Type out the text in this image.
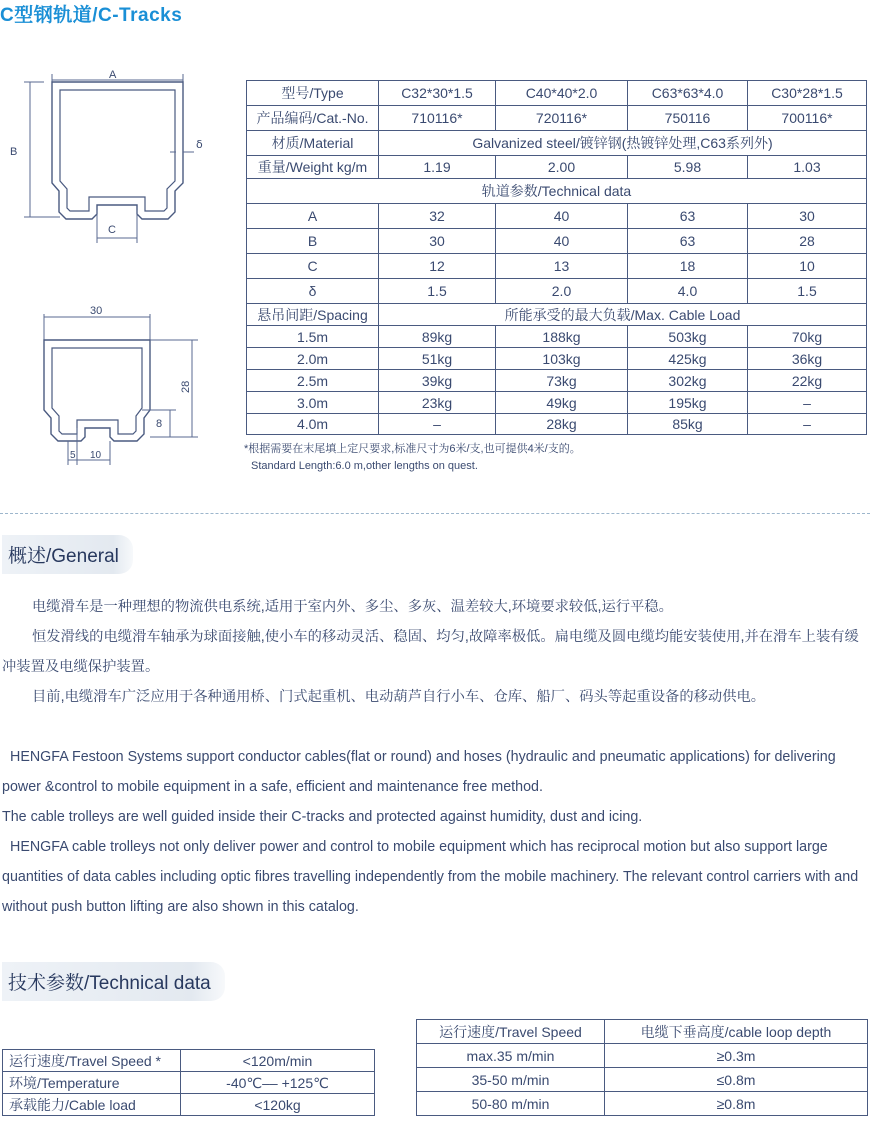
C型钢轨道/C-Tracks
A
B
C
δ
30
28
8
5 10
型号/Type	C32*30*1.5	C40*40*2.0	C63*63*4.0	C30*28*1.5
产品编码/Cat.-No.	710116*	720116*	750116	700116*
材质/Material	Galvanized steel/镀锌钢(热镀锌处理,C63系列外)			
重量/Weight kg/m	1.19	2.00	5.98	1.03
轨道参数/Technical data				
A	32	40	63	30
B	30	40	63	28
C	12	13	18	10
δ	1.5	2.0	4.0	1.5
悬吊间距/Spacing	所能承受的最大负载/Max. Cable Load			
1.5m	89kg	188kg	503kg	70kg
2.0m	51kg	103kg	425kg	36kg
2.5m	39kg	73kg	302kg	22kg
3.0m	23kg	49kg	195kg	–
4.0m	–	28kg	85kg	–
*根据需要在末尾填上定尺要求,标准尺寸为6米/支,也可提供4米/支的。
Standard Length:6.0 m,other lengths on quest.
概述/General

电缆滑车是一种理想的物流供电系统,适用于室内外、多尘、多灰、温差较大,环境要求较低,运行平稳。

恒发滑线的电缆滑车轴承为球面接触,使小车的移动灵活、稳固、均匀,故障率极低。扁电缆及圆电缆均能安装使用,并在滑车上装有缓冲装置及电缆保护装置。

目前,电缆滑车广泛应用于各种通用桥、门式起重机、电动葫芦自行小车、仓库、船厂、码头等起重设备的移动供电。

HENGFA Festoon Systems support conductor cables(flat or round) and hoses (hydraulic and pneumatic applications) for delivering power &control to mobile equipment in a safe, efficient and maintenance free method.

The cable trolleys are well guided inside their C-tracks and protected against humidity, dust and icing.

HENGFA cable trolleys not only deliver power and control to mobile equipment which has reciprocal motion but also support large quantities of data cables including optic fibres travelling independently from the mobile machinery. The relevant control carriers with and without push button lifting are also shown in this catalog.

技术参数/Technical data
运行速度/Travel Speed *	<120m/min
环境/Temperature	-40℃–– +125℃
承载能力/Cable load	<120kg
运行速度/Travel Speed	电缆下垂高度/cable loop depth
max.35 m/min	≥0.3m
35-50 m/min	≤0.8m
50-80 m/min	≥0.8m
